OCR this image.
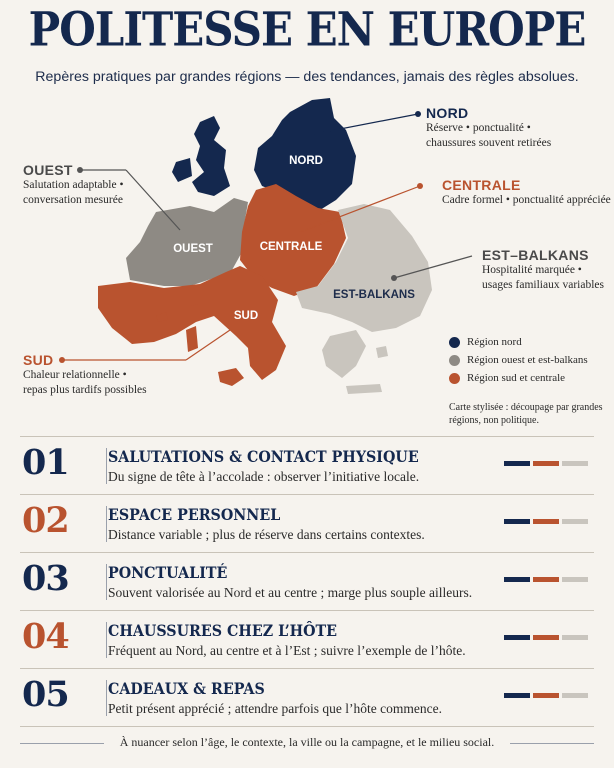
POLITESSE EN EUROPE
Repères pratiques par grandes régions — des tendances, jamais des règles absolues.
NORD
OUEST	CENTRALE
SUD
EST-BALKANS
NORD
Réserve • ponctualité •
chaussures souvent retirées
OUEST
Salutation adaptable •
conversation mesurée
CENTRALE
Cadre formel • ponctualité appréciée
EST–BALKANS
Hospitalité marquée •
usages familiaux variables
SUD
Chaleur relationnelle •
repas plus tardifs possibles
Région nord
Région ouest et est-balkans
Région sud et centrale
Carte stylisée : découpage par grandes régions, non politique.
01	SALUTATIONS & CONTACT PHYSIQUE
Du signe de tête à l’accolade : observer l’initiative locale.
02	ESPACE PERSONNEL
Distance variable ; plus de réserve dans certains contextes.
03	PONCTUALITÉ
Souvent valorisée au Nord et au centre ; marge plus souple ailleurs.
04	CHAUSSURES CHEZ L’HÔTE
Fréquent au Nord, au centre et à l’Est ; suivre l’exemple de l’hôte.
05	CADEAUX & REPAS
Petit présent apprécié ; attendre parfois que l’hôte commence.
À nuancer selon l’âge, le contexte, la ville ou la campagne, et le milieu social.
